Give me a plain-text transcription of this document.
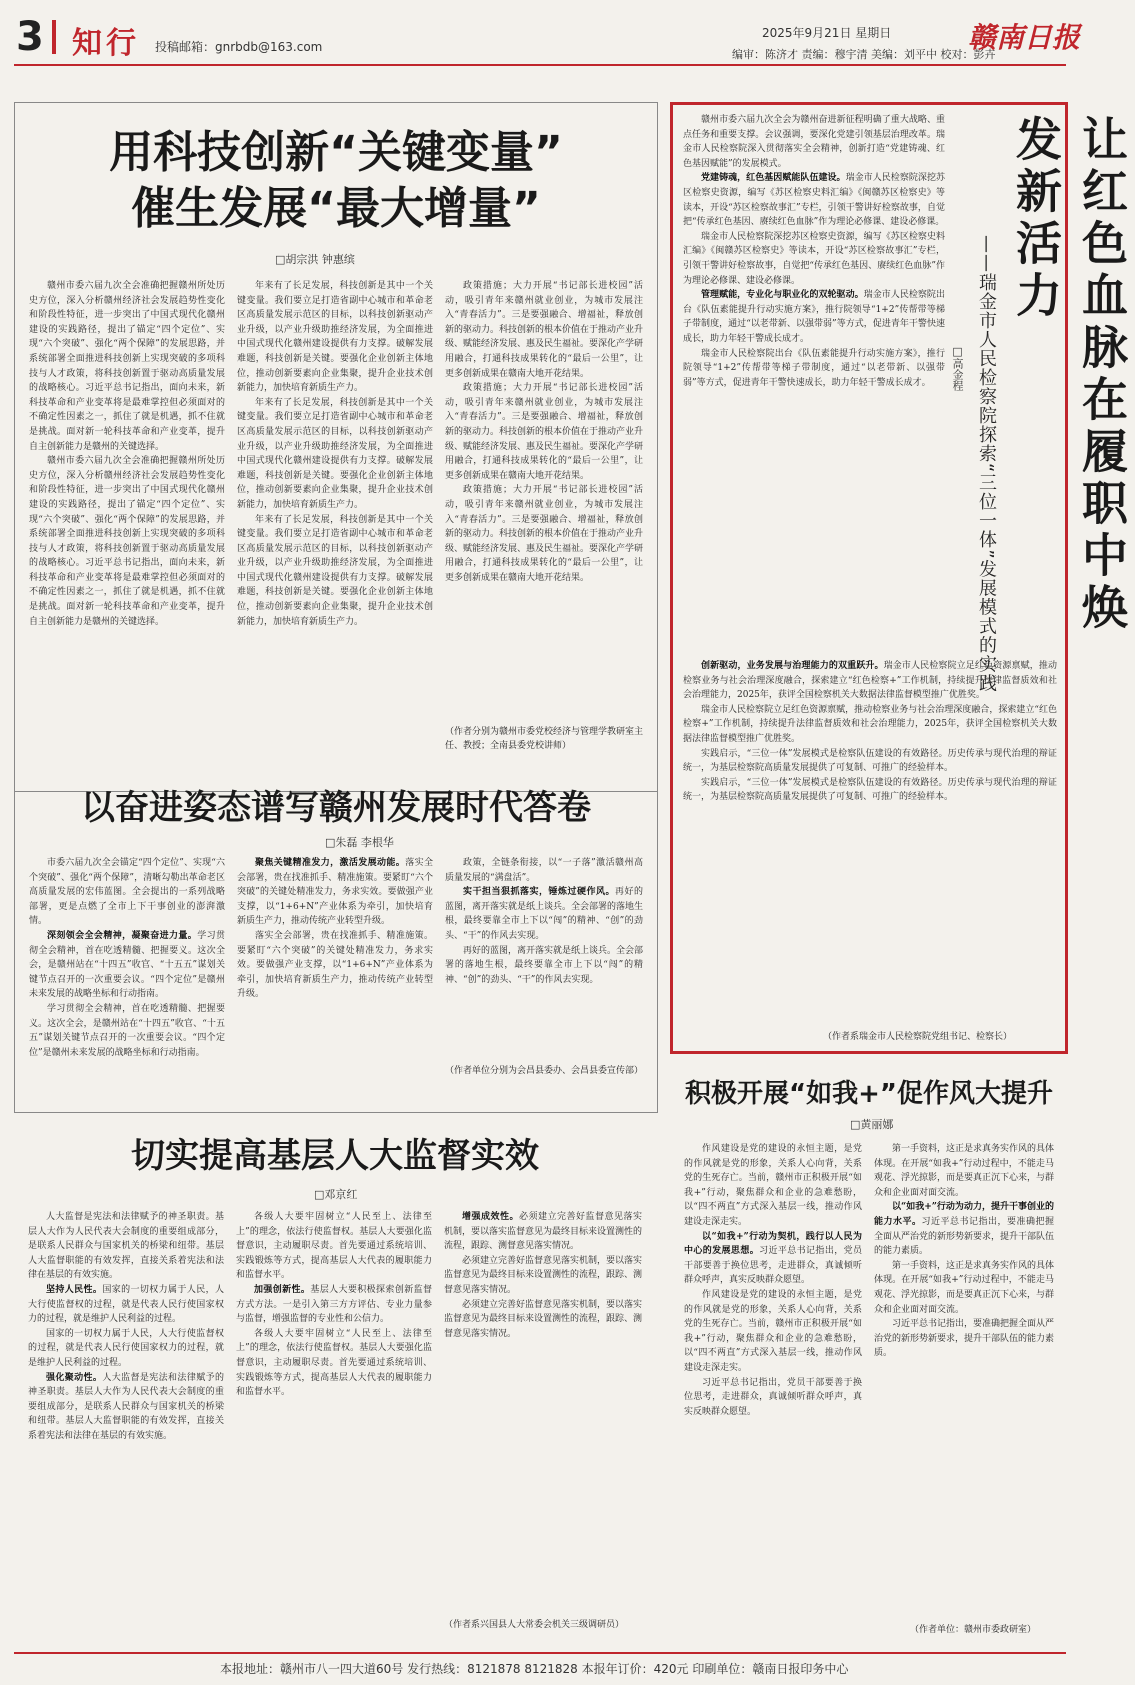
3 知行 投稿邮箱：gnrbdb@163.com
2025年9月21日 星期日	赣南日报
编审：陈济才 责编：穆宇清 美编：刘平中 校对：彭卉
用科技创新“关键变量”
催生发展“最大增量”
□胡宗洪 钟惠缤

赣州市委六届九次全会准确把握赣州所处历史方位，深入分析赣州经济社会发展趋势性变化和阶段性特征，进一步突出了中国式现代化赣州建设的实践路径，提出了锚定“四个定位”、实现“六个突破”、强化“两个保障”的发展思路，并系统部署全面推进科技创新上实现突破的多项科技与人才政策，将科技创新置于驱动高质量发展的战略核心。习近平总书记指出，面向未来，新科技革命和产业变革将是最难掌控但必须面对的不确定性因素之一，抓住了就是机遇，抓不住就是挑战。面对新一轮科技革命和产业变革，提升自主创新能力是赣州的关键选择。

赣州市委六届九次全会准确把握赣州所处历史方位，深入分析赣州经济社会发展趋势性变化和阶段性特征，进一步突出了中国式现代化赣州建设的实践路径，提出了锚定“四个定位”、实现“六个突破”、强化“两个保障”的发展思路，并系统部署全面推进科技创新上实现突破的多项科技与人才政策，将科技创新置于驱动高质量发展的战略核心。习近平总书记指出，面向未来，新科技革命和产业变革将是最难掌控但必须面对的不确定性因素之一，抓住了就是机遇，抓不住就是挑战。面对新一轮科技革命和产业变革，提升自主创新能力是赣州的关键选择。

年来有了长足发展，科技创新是其中一个关键变量。我们要立足打造省副中心城市和革命老区高质量发展示范区的目标，以科技创新驱动产业升级，以产业升级助推经济发展，为全面推进中国式现代化赣州建设提供有力支撑。破解发展难题，科技创新是关键。要强化企业创新主体地位，推动创新要素向企业集聚，提升企业技术创新能力，加快培育新质生产力。

年来有了长足发展，科技创新是其中一个关键变量。我们要立足打造省副中心城市和革命老区高质量发展示范区的目标，以科技创新驱动产业升级，以产业升级助推经济发展，为全面推进中国式现代化赣州建设提供有力支撑。破解发展难题，科技创新是关键。要强化企业创新主体地位，推动创新要素向企业集聚，提升企业技术创新能力，加快培育新质生产力。

年来有了长足发展，科技创新是其中一个关键变量。我们要立足打造省副中心城市和革命老区高质量发展示范区的目标，以科技创新驱动产业升级，以产业升级助推经济发展，为全面推进中国式现代化赣州建设提供有力支撑。破解发展难题，科技创新是关键。要强化企业创新主体地位，推动创新要素向企业集聚，提升企业技术创新能力，加快培育新质生产力。

政策措施；大力开展“书记部长进校园”活动，吸引青年来赣州就业创业，为城市发展注入“青春活力”。三是要强融合、增福祉，释放创新的驱动力。科技创新的根本价值在于推动产业升级、赋能经济发展、惠及民生福祉。要深化产学研用融合，打通科技成果转化的“最后一公里”，让更多创新成果在赣南大地开花结果。

政策措施；大力开展“书记部长进校园”活动，吸引青年来赣州就业创业，为城市发展注入“青春活力”。三是要强融合、增福祉，释放创新的驱动力。科技创新的根本价值在于推动产业升级、赋能经济发展、惠及民生福祉。要深化产学研用融合，打通科技成果转化的“最后一公里”，让更多创新成果在赣南大地开花结果。

政策措施；大力开展“书记部长进校园”活动，吸引青年来赣州就业创业，为城市发展注入“青春活力”。三是要强融合、增福祉，释放创新的驱动力。科技创新的根本价值在于推动产业升级、赋能经济发展、惠及民生福祉。要深化产学研用融合，打通科技成果转化的“最后一公里”，让更多创新成果在赣南大地开花结果。

（作者分别为赣州市委党校经济与管理学教研室主任、教授；全南县委党校讲师）
以奋进姿态谱写赣州发展时代答卷
□朱磊 李根华

市委六届九次全会锚定“四个定位”、实现“六个突破”、强化“两个保障”，清晰勾勒出革命老区高质量发展的宏伟蓝图。全会提出的一系列战略部署，更是点燃了全市上下干事创业的澎湃激情。

深刻领会全会精神，凝聚奋进力量。学习贯彻全会精神，首在吃透精髓、把握要义。这次全会，是赣州站在“十四五”收官、“十五五”谋划关键节点召开的一次重要会议。“四个定位”是赣州未来发展的战略坐标和行动指南。

学习贯彻全会精神，首在吃透精髓、把握要义。这次全会，是赣州站在“十四五”收官、“十五五”谋划关键节点召开的一次重要会议。“四个定位”是赣州未来发展的战略坐标和行动指南。

聚焦关键精准发力，激活发展动能。落实全会部署，贵在找准抓手、精准施策。要紧盯“六个突破”的关键处精准发力，务求实效。要做强产业支撑，以“1+6+N”产业体系为牵引，加快培育新质生产力，推动传统产业转型升级。

落实全会部署，贵在找准抓手、精准施策。要紧盯“六个突破”的关键处精准发力，务求实效。要做强产业支撑，以“1+6+N”产业体系为牵引，加快培育新质生产力，推动传统产业转型升级。

政策，全链条衔接，以“一子落”激活赣州高质量发展的“满盘活”。

实干担当狠抓落实，锤炼过硬作风。再好的蓝图，离开落实就是纸上谈兵。全会部署的落地生根，最终要靠全市上下以“闯”的精神、“创”的劲头、“干”的作风去实现。

再好的蓝图，离开落实就是纸上谈兵。全会部署的落地生根，最终要靠全市上下以“闯”的精神、“创”的劲头、“干”的作风去实现。

（作者单位分别为会昌县委办、会昌县委宣传部）
切实提高基层人大监督实效
□邓京红

人大监督是宪法和法律赋予的神圣职责。基层人大作为人民代表大会制度的重要组成部分，是联系人民群众与国家机关的桥梁和纽带。基层人大监督职能的有效发挥，直接关系着宪法和法律在基层的有效实施。

坚持人民性。国家的一切权力属于人民，人大行使监督权的过程，就是代表人民行使国家权力的过程，就是维护人民利益的过程。

国家的一切权力属于人民，人大行使监督权的过程，就是代表人民行使国家权力的过程，就是维护人民利益的过程。

强化聚动性。人大监督是宪法和法律赋予的神圣职责。基层人大作为人民代表大会制度的重要组成部分，是联系人民群众与国家机关的桥梁和纽带。基层人大监督职能的有效发挥，直接关系着宪法和法律在基层的有效实施。

各级人大要牢固树立“人民至上、法律至上”的理念，依法行使监督权。基层人大要强化监督意识，主动履职尽责。首先要通过系统培训、实践锻炼等方式，提高基层人大代表的履职能力和监督水平。

加强创新性。基层人大要积极探索创新监督方式方法。一是引入第三方方评估、专业力量参与监督，增强监督的专业性和公信力。

各级人大要牢固树立“人民至上、法律至上”的理念，依法行使监督权。基层人大要强化监督意识，主动履职尽责。首先要通过系统培训、实践锻炼等方式，提高基层人大代表的履职能力和监督水平。

增强成效性。必须建立完善好监督意见落实机制，要以落实监督意见为最终目标来设置测性的流程，跟踪、测督意见落实情况。

必须建立完善好监督意见落实机制，要以落实监督意见为最终目标来设置测性的流程，跟踪、测督意见落实情况。

必须建立完善好监督意见落实机制，要以落实监督意见为最终目标来设置测性的流程，跟踪、测督意见落实情况。

（作者系兴国县人大常委会机关三级调研员）
让红色血脉在履职中焕发新活力
——瑞金市人民检察院探索“三位一体”发展模式的实践
□高金程

赣州市委六届九次全会为赣州奋进新征程明确了重大战略、重点任务和重要支撑。会议强调，要深化党建引领基层治理改革。瑞金市人民检察院深入贯彻落实全会精神，创新打造“党建铸魂、红色基因赋能”的发展模式。

党建铸魂，红色基因赋能队伍建设。瑞金市人民检察院深挖苏区检察史资源，编写《苏区检察史料汇编》《闽赣苏区检察史》等读本，开设“苏区检察故事汇”专栏，引领干警讲好检察故事，自觉把“传承红色基因、赓续红色血脉”作为理论必修课、建设必修课。

瑞金市人民检察院深挖苏区检察史资源，编写《苏区检察史料汇编》《闽赣苏区检察史》等读本，开设“苏区检察故事汇”专栏，引领干警讲好检察故事，自觉把“传承红色基因、赓续红色血脉”作为理论必修课、建设必修课。

管理赋能，专业化与职业化的双轮驱动。瑞金市人民检察院出台《队伍素能提升行动实施方案》，推行院领导“1+2”传帮带等梯子带制度，通过“以老带新、以强带弱”等方式，促进青年干警快速成长，助力年轻干警成长成才。

瑞金市人民检察院出台《队伍素能提升行动实施方案》，推行院领导“1+2”传帮带等梯子带制度，通过“以老带新、以强带弱”等方式，促进青年干警快速成长，助力年轻干警成长成才。

创新驱动，业务发展与治理能力的双重跃升。瑞金市人民检察院立足红色资源禀赋，推动检察业务与社会治理深度融合，探索建立“红色检察+”工作机制，持续提升法律监督质效和社会治理能力，2025年，获评全国检察机关大数据法律监督模型推广优胜奖。

瑞金市人民检察院立足红色资源禀赋，推动检察业务与社会治理深度融合，探索建立“红色检察+”工作机制，持续提升法律监督质效和社会治理能力，2025年，获评全国检察机关大数据法律监督模型推广优胜奖。

实践启示，“三位一体”发展模式是检察队伍建设的有效路径。历史传承与现代治理的辩证统一，为基层检察院高质量发展提供了可复制、可推广的经验样本。

实践启示，“三位一体”发展模式是检察队伍建设的有效路径。历史传承与现代治理的辩证统一，为基层检察院高质量发展提供了可复制、可推广的经验样本。

（作者系瑞金市人民检察院党组书记、检察长）
积极开展“如我+”促作风大提升
□黄丽娜

作风建设是党的建设的永恒主题，是党的作风就是党的形象，关系人心向背，关系党的生死存亡。当前，赣州市正积极开展“如我+”行动，聚焦群众和企业的急难愁盼，以“四不两直”方式深入基层一线，推动作风建设走深走实。

以“如我+”行动为契机，践行以人民为中心的发展思想。习近平总书记指出，党员干部要善于换位思考，走进群众，真诚倾听群众呼声，真实反映群众愿望。

作风建设是党的建设的永恒主题，是党的作风就是党的形象，关系人心向背，关系党的生死存亡。当前，赣州市正积极开展“如我+”行动，聚焦群众和企业的急难愁盼，以“四不两直”方式深入基层一线，推动作风建设走深走实。

习近平总书记指出，党员干部要善于换位思考，走进群众，真诚倾听群众呼声，真实反映群众愿望。

第一手资料，这正是求真务实作风的具体体现。在开展“如我+”行动过程中，不能走马观花、浮光掠影，而是要真正沉下心来，与群众和企业面对面交流。

以“如我+”行动为动力，提升干事创业的能力水平。习近平总书记指出，要准确把握全面从严治党的新形势新要求，提升干部队伍的能力素质。

第一手资料，这正是求真务实作风的具体体现。在开展“如我+”行动过程中，不能走马观花、浮光掠影，而是要真正沉下心来，与群众和企业面对面交流。

习近平总书记指出，要准确把握全面从严治党的新形势新要求，提升干部队伍的能力素质。

（作者单位：赣州市委政研室）
本报地址：赣州市八一四大道60号 发行热线：8121878 8121828 本报年订价：420元 印刷单位：赣南日报印务中心
